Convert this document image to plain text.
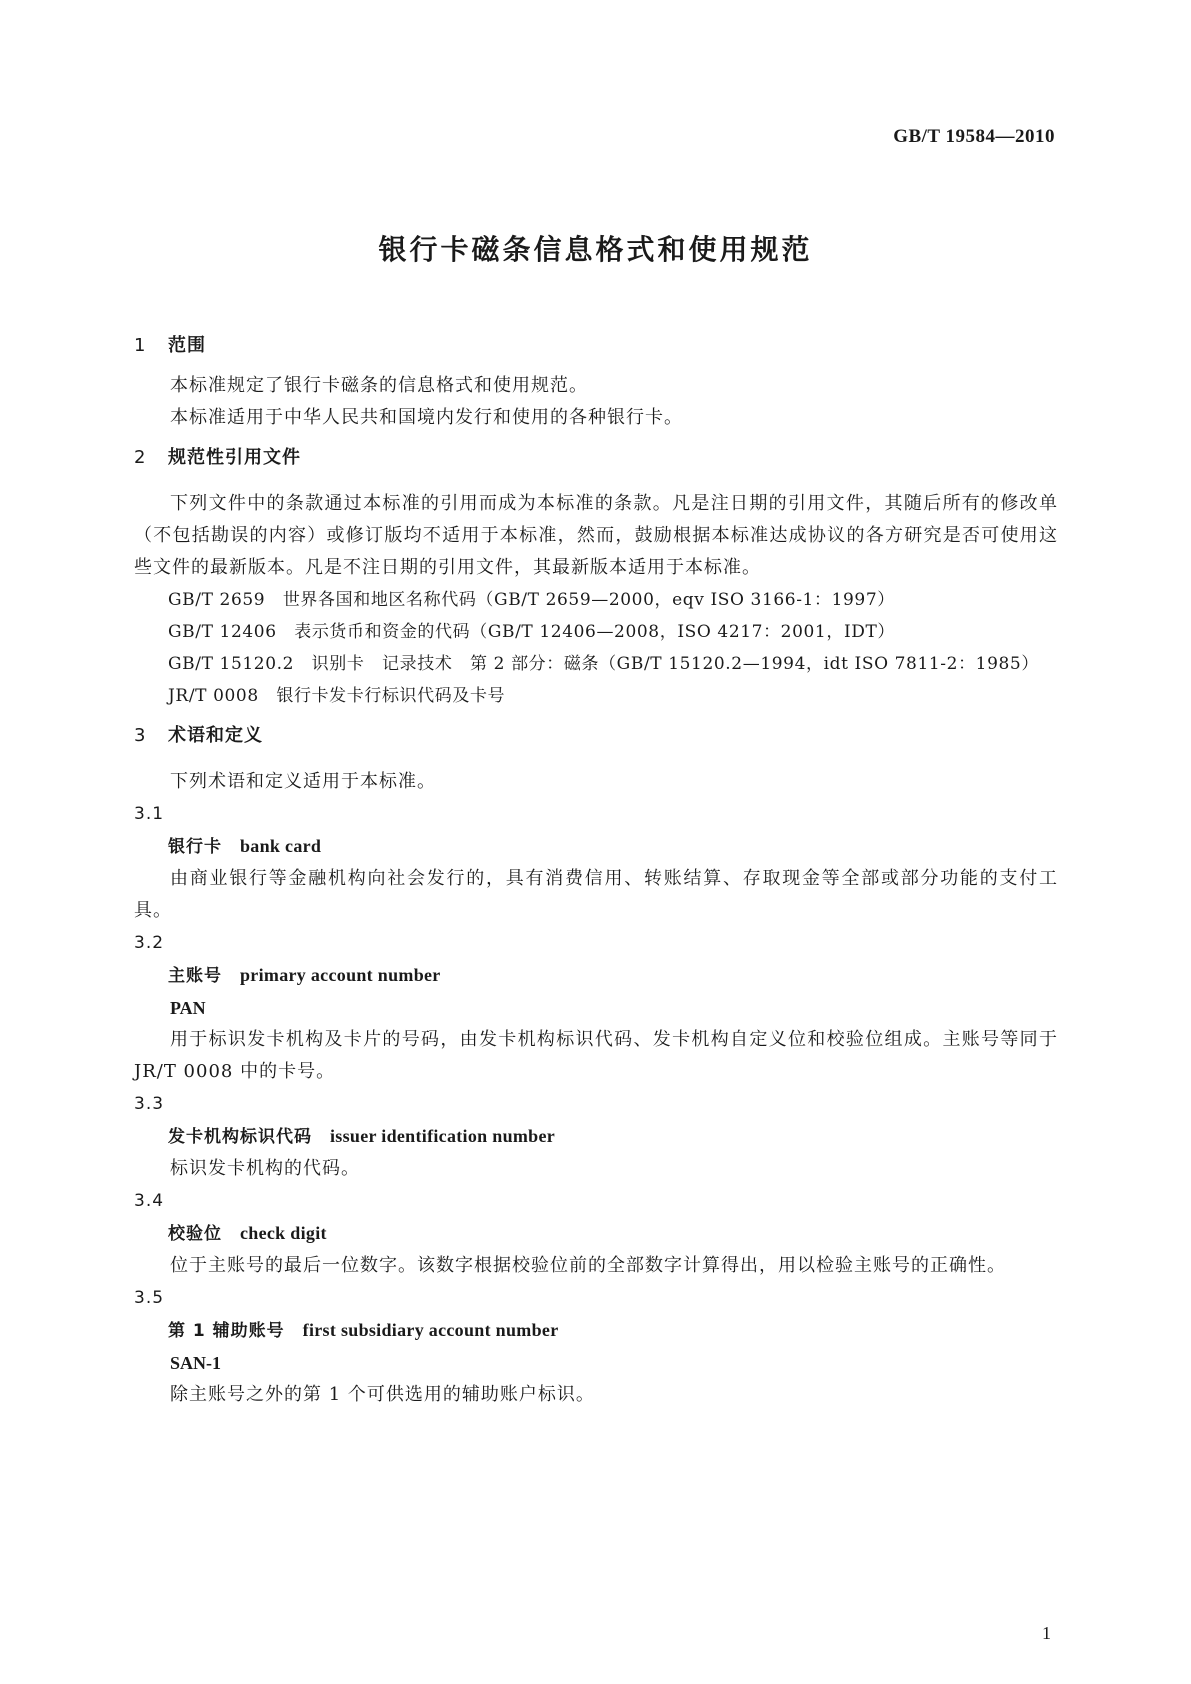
GB/T 19584—2010
银行卡磁条信息格式和使用规范
1 范围

本标准规定了银行卡磁条的信息格式和使用规范。

本标准适用于中华人民共和国境内发行和使用的各种银行卡。

2 规范性引用文件

下列文件中的条款通过本标准的引用而成为本标准的条款。凡是注日期的引用文件，其随后所有的修改单（不包括勘误的内容）或修订版均不适用于本标准，然而，鼓励根据本标准达成协议的各方研究是否可使用这些文件的最新版本。凡是不注日期的引用文件，其最新版本适用于本标准。

GB/T 2659　 世界各国和地区名称代码（GB/T 2659—2000，eqv ISO 3166-1：1997）

GB/T 12406　 表示货币和资金的代码（GB/T 12406—2008，ISO 4217：2001，IDT）

GB/T 15120.2　 识别卡　记录技术　第 2 部分：磁条（GB/T 15120.2—1994，idt ISO 7811-2：1985）

JR/T 0008　 银行卡发卡行标识代码及卡号

3 术语和定义

下列术语和定义适用于本标准。

3.1

银行卡 bank card

由商业银行等金融机构向社会发行的，具有消费信用、转账结算、存取现金等全部或部分功能的支付工具。

3.2

主账号 primary account number

PAN

用于标识发卡机构及卡片的号码，由发卡机构标识代码、发卡机构自定义位和校验位组成。主账号等同于 JR/T 0008 中的卡号。

3.3

发卡机构标识代码 issuer identification number

标识发卡机构的代码。

3.4

校验位 check digit

位于主账号的最后一位数字。该数字根据校验位前的全部数字计算得出，用以检验主账号的正确性。

3.5

第 1 辅助账号 first subsidiary account number

SAN-1

除主账号之外的第 1 个可供选用的辅助账户标识。

1
